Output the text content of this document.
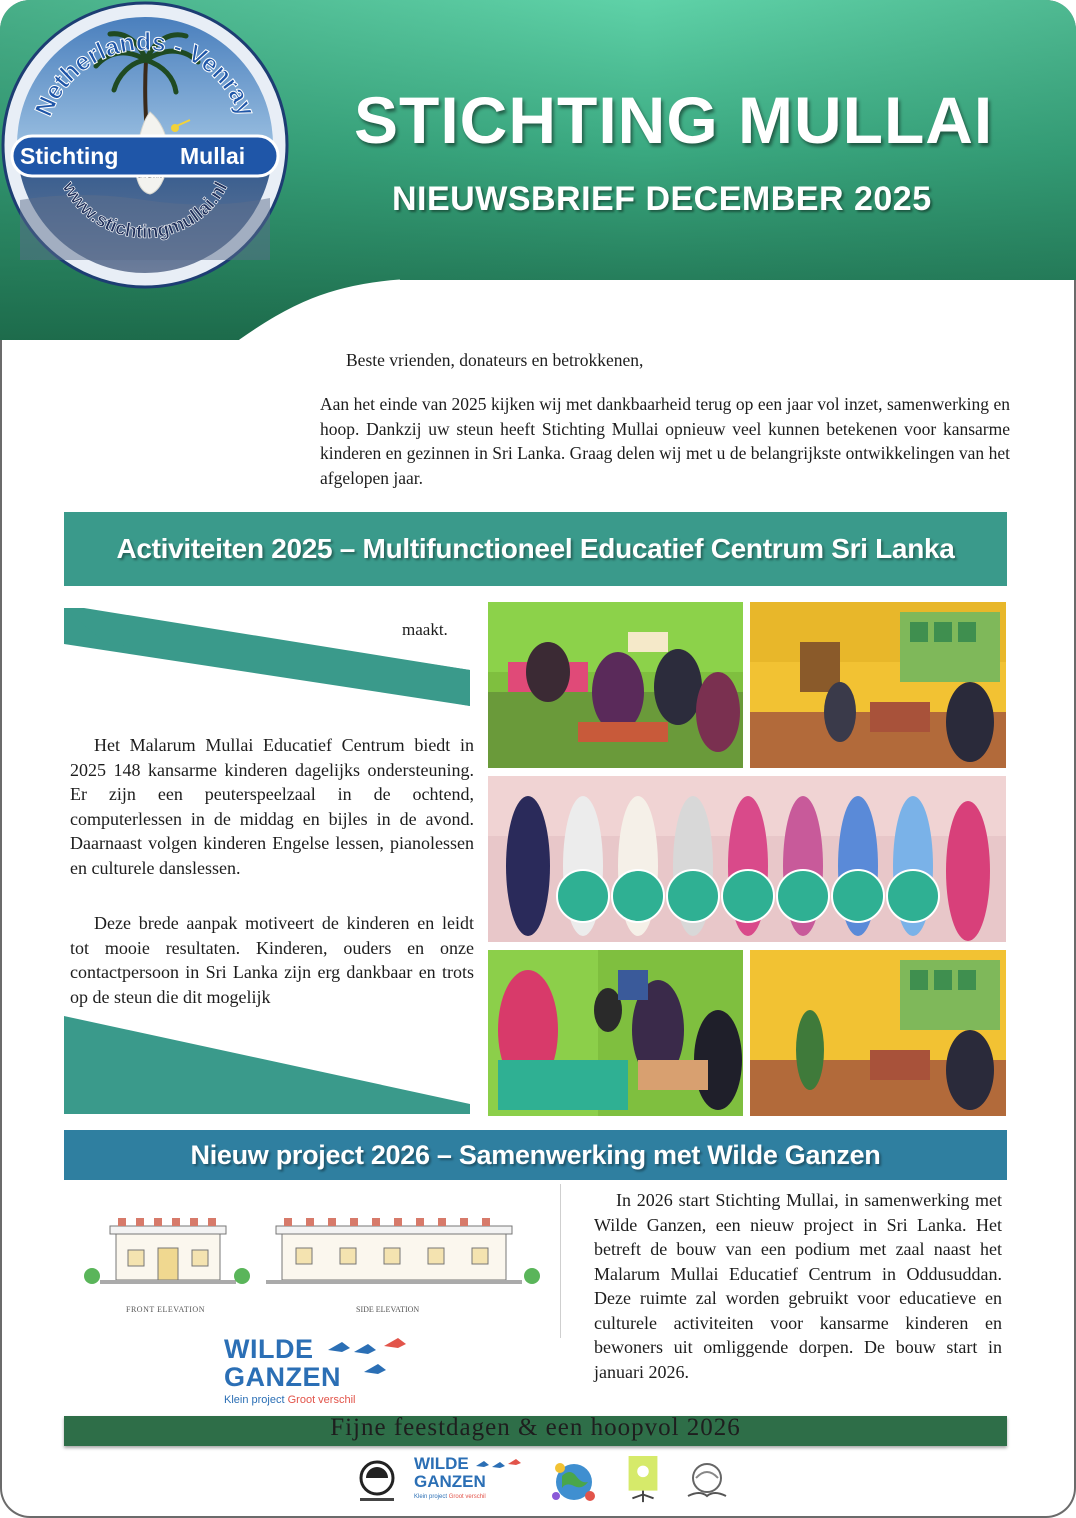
STICHTING MULLAI
NIEUWSBRIEF DECEMBER 2025
Netherlands - Venray
Stichting	Mullai
www.stichtingmullai.nl
Beste vrienden, donateurs en betrokkenen,

Aan het einde van 2025 kijken wij met dankbaarheid terug op een jaar vol inzet, samenwerking en hoop. Dankzij uw steun heeft Stichting Mullai opnieuw veel kunnen betekenen voor kansarme kinderen en gezinnen in Sri Lanka. Graag delen wij met u de belangrijkste ontwikkelingen van het afgelopen jaar.

Activiteiten 2025 – Multifunctioneel Educatief Centrum Sri Lanka
maakt.

Het Malarum Mullai Educatief Centrum biedt in 2025 148 kansarme kinderen dagelijks ondersteuning. Er zijn een peuterspeelzaal in de ochtend, computerlessen in de middag en bijles in de avond. Daarnaast volgen kinderen Engelse lessen, pianolessen en culturele danslessen.

Deze brede aanpak motiveert de kinderen en leidt tot mooie resultaten. Kinderen, ouders en onze contactpersoon in Sri Lanka zijn erg dankbaar en trots op de steun die dit mogelijk

Nieuw project 2026 – Samenwerking met Wilde Ganzen
FRONT ELEVATION	SIDE ELEVATION
WILDE
GANZEN
Klein project Groot verschil

In 2026 start Stichting Mullai, in samenwerking met Wilde Ganzen, een nieuw project in Sri Lanka. Het betreft de bouw van een podium met zaal naast het Malarum Mullai Educatief Centrum in Oddusuddan. Deze ruimte zal worden gebruikt voor educatieve en culturele activiteiten voor kansarme kinderen en bewoners uit omliggende dorpen. De bouw start in januari 2026.

Fijne feestdagen & een hoopvol 2026
WILDE
GANZEN
Klein project Groot verschil
